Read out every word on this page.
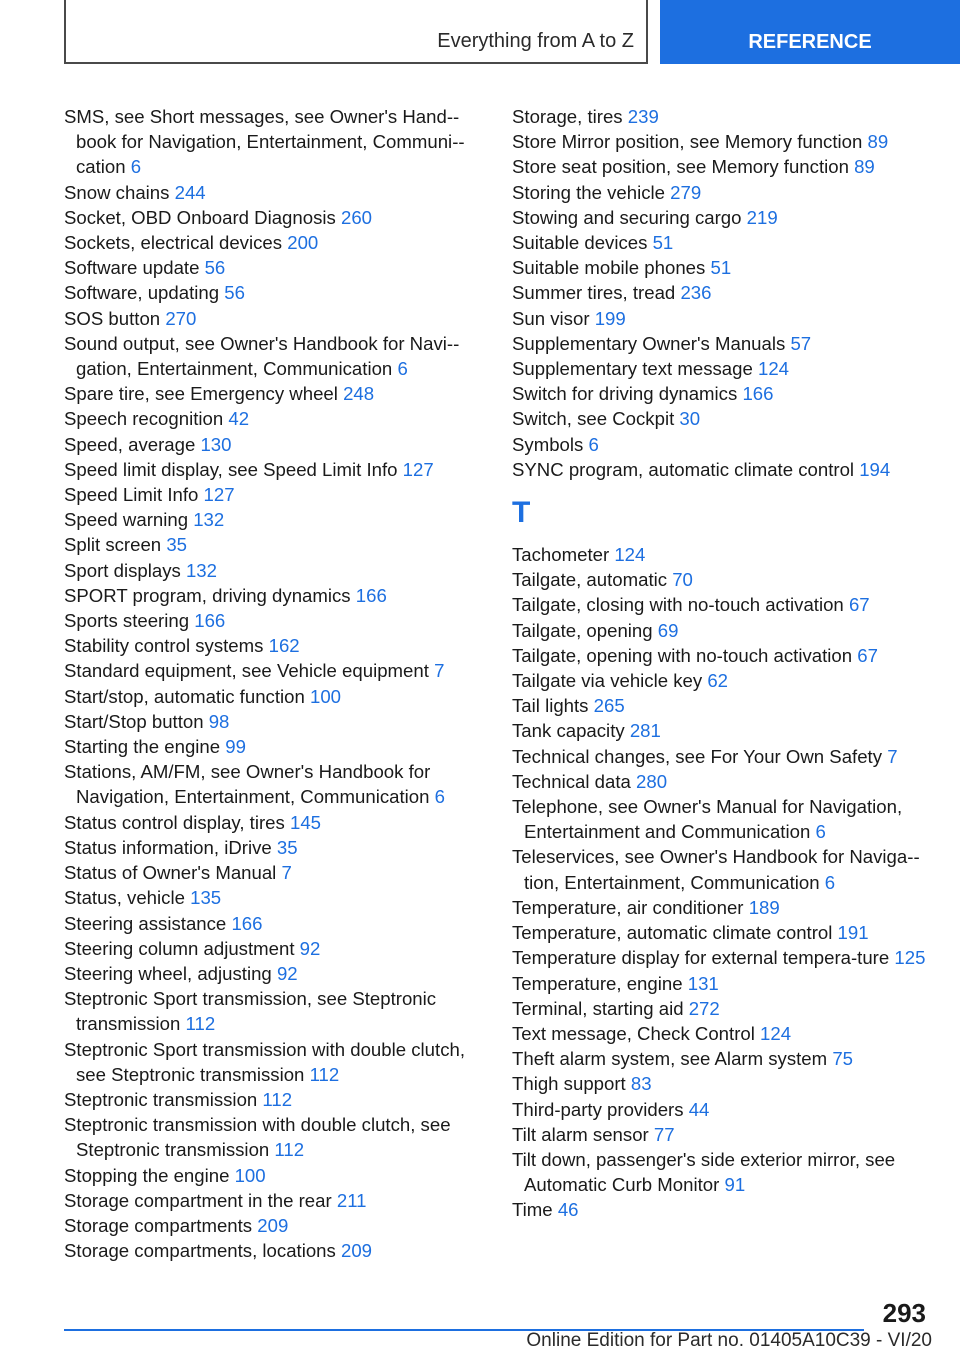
Everything from A to Z	REFERENCE
SMS, see Short messages, see Owner's Hand-book for Navigation, Entertainment, Communi-cation 6
Snow chains 244
Socket, OBD Onboard Diagnosis 260
Sockets, electrical devices 200
Software update 56
Software, updating 56
SOS button 270
Sound output, see Owner's Handbook for Navi-gation, Entertainment, Communication 6
Spare tire, see Emergency wheel 248
Speech recognition 42
Speed, average 130
Speed limit display, see Speed Limit Info 127
Speed Limit Info 127
Speed warning 132
Split screen 35
Sport displays 132
SPORT program, driving dynamics 166
Sports steering 166
Stability control systems 162
Standard equipment, see Vehicle equipment 7
Start/stop, automatic function 100
Start/Stop button 98
Starting the engine 99
Stations, AM/FM, see Owner's Handbook for Navigation, Entertainment, Communication 6
Status control display, tires 145
Status information, iDrive 35
Status of Owner's Manual 7
Status, vehicle 135
Steering assistance 166
Steering column adjustment 92
Steering wheel, adjusting 92
Steptronic Sport transmission, see Steptronic transmission 112
Steptronic Sport transmission with double clutch, see Steptronic transmission 112
Steptronic transmission 112
Steptronic transmission with double clutch, see Steptronic transmission 112
Stopping the engine 100
Storage compartment in the rear 211
Storage compartments 209
Storage compartments, locations 209
Storage, tires 239
Store Mirror position, see Memory function 89
Store seat position, see Memory function 89
Storing the vehicle 279
Stowing and securing cargo 219
Suitable devices 51
Suitable mobile phones 51
Summer tires, tread 236
Sun visor 199
Supplementary Owner's Manuals 57
Supplementary text message 124
Switch for driving dynamics 166
Switch, see Cockpit 30
Symbols 6
SYNC program, automatic climate control 194
T
Tachometer 124
Tailgate, automatic 70
Tailgate, closing with no-touch activation 67
Tailgate, opening 69
Tailgate, opening with no-touch activation 67
Tailgate via vehicle key 62
Tail lights 265
Tank capacity 281
Technical changes, see For Your Own Safety 7
Technical data 280
Telephone, see Owner's Manual for Navigation, Entertainment and Communication 6
Teleservices, see Owner's Handbook for Naviga-tion, Entertainment, Communication 6
Temperature, air conditioner 189
Temperature, automatic climate control 191
Temperature display for external tempera-ture 125
Temperature, engine 131
Terminal, starting aid 272
Text message, Check Control 124
Theft alarm system, see Alarm system 75
Thigh support 83
Third-party providers 44
Tilt alarm sensor 77
Tilt down, passenger's side exterior mirror, see Automatic Curb Monitor 91
Time 46
293
Online Edition for Part no. 01405A10C39 - VI/20
